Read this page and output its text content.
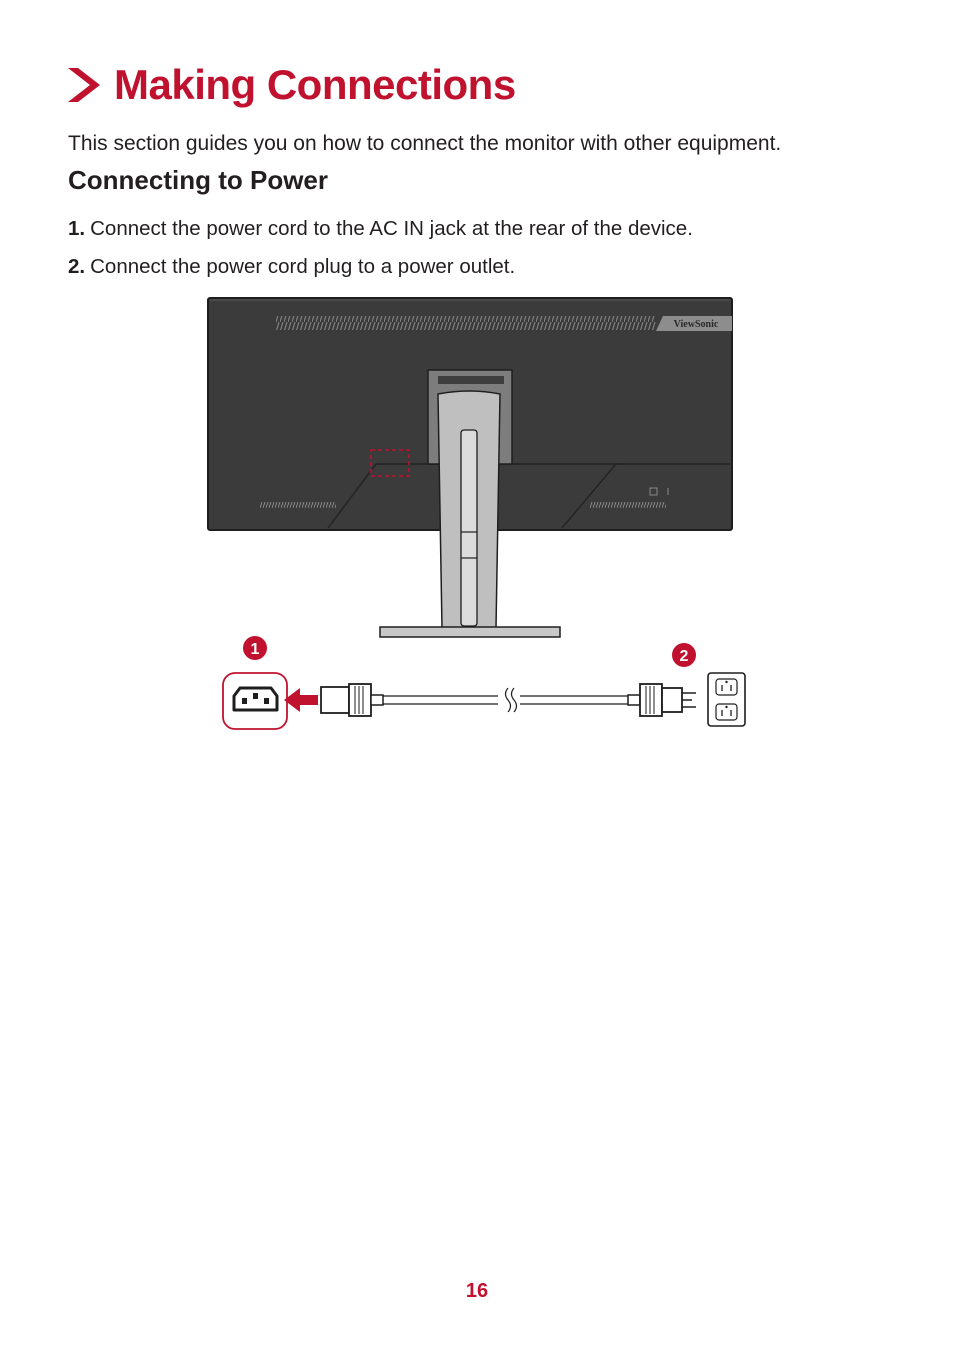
Making Connections
This section guides you on how to connect the monitor with other equipment.
Connecting to Power
1. Connect the power cord to the AC IN jack at the rear of the device.
2. Connect the power cord plug to a power outlet.
ViewSonic
1	2
16
